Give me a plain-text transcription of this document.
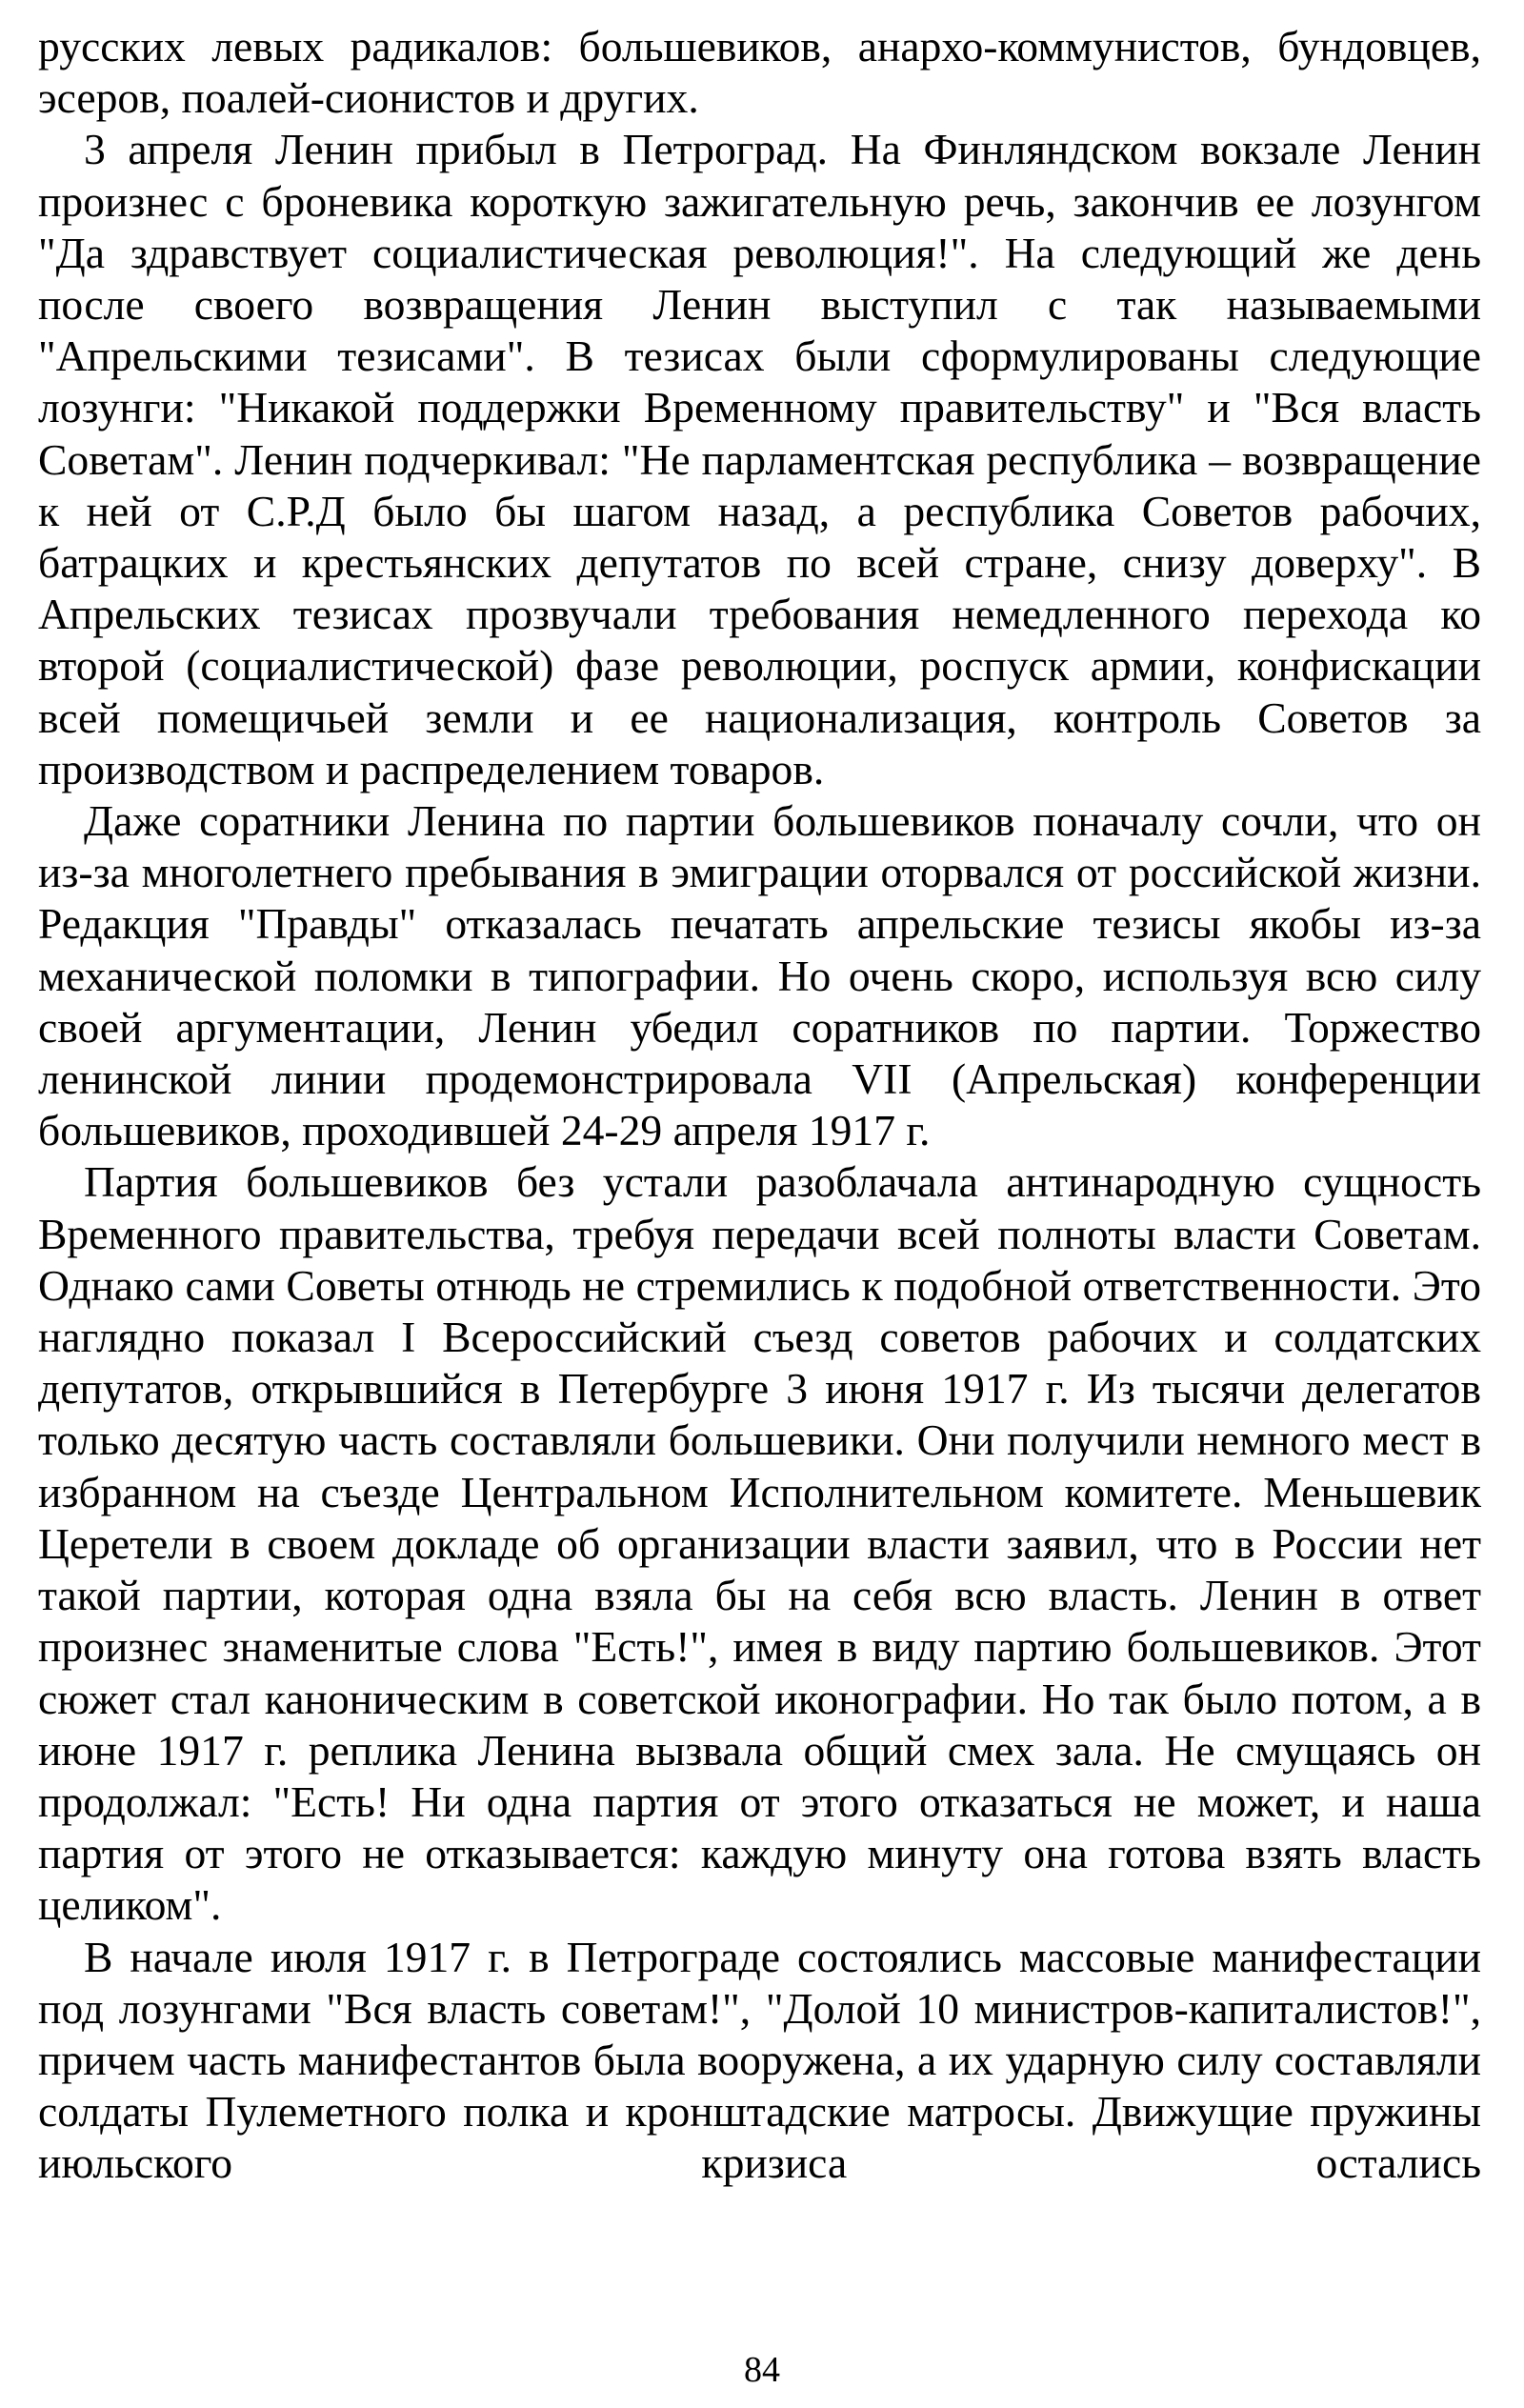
русских левых радикалов: большевиков, анархо-коммунистов, бундовцев, эсеров, поалей-сионистов и других.

3 апреля Ленин прибыл в Петроград. На Финляндском вокзале Ленин произнес с броневика короткую зажигательную речь, закончив ее лозунгом "Да здравствует социалистическая революция!". На следующий же день после своего возвращения Ленин выступил с так называемыми "Апрельскими тезисами". В тезисах были сформулированы следующие лозунги: "Никакой поддержки Временному правительству" и "Вся власть Советам". Ленин подчеркивал: "Не парламентская республика – возвращение к ней от С.Р.Д было бы шагом назад, а республика Советов рабочих, батрацких и крестьянских депутатов по всей стране, снизу доверху". В Апрельских тезисах прозвучали требования немедленного перехода ко второй (социалистической) фазе революции, роспуск армии, конфискации всей помещичьей земли и ее национализация, контроль Советов за производством и распределением товаров.

Даже соратники Ленина по партии большевиков поначалу сочли, что он из-за многолетнего пребывания в эмиграции оторвался от российской жизни. Редакция "Правды" отказалась печатать апрельские тезисы якобы из-за механической поломки в типографии. Но очень скоро, используя всю силу своей аргументации, Ленин убедил соратников по партии. Торжество ленинской линии продемонстрировала VII (Апрельская) конференции большевиков, проходившей 24-29 апреля 1917 г.

Партия большевиков без устали разоблачала антинародную сущность Временного правительства, требуя передачи всей полноты власти Советам. Однако сами Советы отнюдь не стремились к подобной ответственности. Это наглядно показал I Всероссийский съезд советов рабочих и солдатских депутатов, открывшийся в Петербурге 3 июня 1917 г. Из тысячи делегатов только десятую часть составляли большевики. Они получили немного мест в избранном на съезде Центральном Исполнительном комитете. Меньшевик Церетели в своем докладе об организации власти заявил, что в России нет такой партии, которая одна взяла бы на себя всю власть. Ленин в ответ произнес знаменитые слова "Есть!", имея в виду партию большевиков. Этот сюжет стал каноническим в советской иконографии. Но так было потом, а в июне 1917 г. реплика Ленина вызвала общий смех зала. Не смущаясь он продолжал: "Есть! Ни одна партия от этого отказаться не может, и наша партия от этого не отказывается: каждую минуту она готова взять власть целиком".

В начале июля 1917 г. в Петрограде состоялись массовые манифестации под лозунгами "Вся власть советам!", "Долой 10 министров-капиталистов!", причем часть манифестантов была вооружена, а их ударную силу составляли солдаты Пулеметного полка и кронштадские матросы. Движущие пружины июльского кризиса остались

84
